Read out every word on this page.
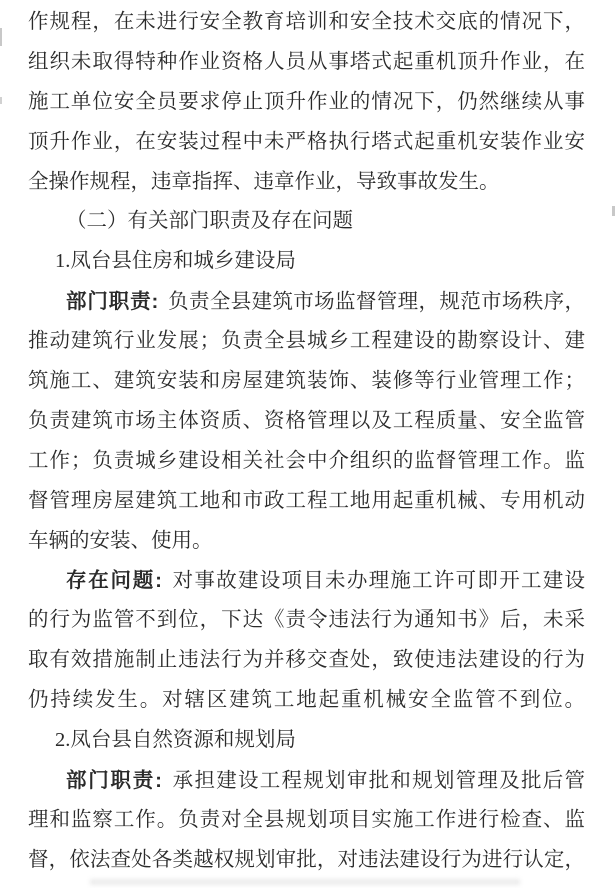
作规程，在未进行安全教育培训和安全技术交底的情况下，
组织未取得特种作业资格人员从事塔式起重机顶升作业，在
施工单位安全员要求停止顶升作业的情况下，仍然继续从事
顶升作业，在安装过程中未严格执行塔式起重机安装作业安
全操作规程，违章指挥、违章作业，导致事故发生。
（二）有关部门职责及存在问题
1.凤台县住房和城乡建设局
部门职责: 负责全县建筑市场监督管理，规范市场秩序，
推动建筑行业发展；负责全县城乡工程建设的勘察设计、建
筑施工、建筑安装和房屋建筑装饰、装修等行业管理工作；
负责建筑市场主体资质、资格管理以及工程质量、安全监管
工作；负责城乡建设相关社会中介组织的监督管理工作。监
督管理房屋建筑工地和市政工程工地用起重机械、专用机动
车辆的安装、使用。
存在问题: 对事故建设项目未办理施工许可即开工建设
的行为监管不到位，下达《责令违法行为通知书》后，未采
取有效措施制止违法行为并移交查处，致使违法建设的行为
仍持续发生。对辖区建筑工地起重机械安全监管不到位。
2.凤台县自然资源和规划局
部门职责: 承担建设工程规划审批和规划管理及批后管
理和监察工作。负责对全县规划项目实施工作进行检查、监
督，依法查处各类越权规划审批，对违法建设行为进行认定，
